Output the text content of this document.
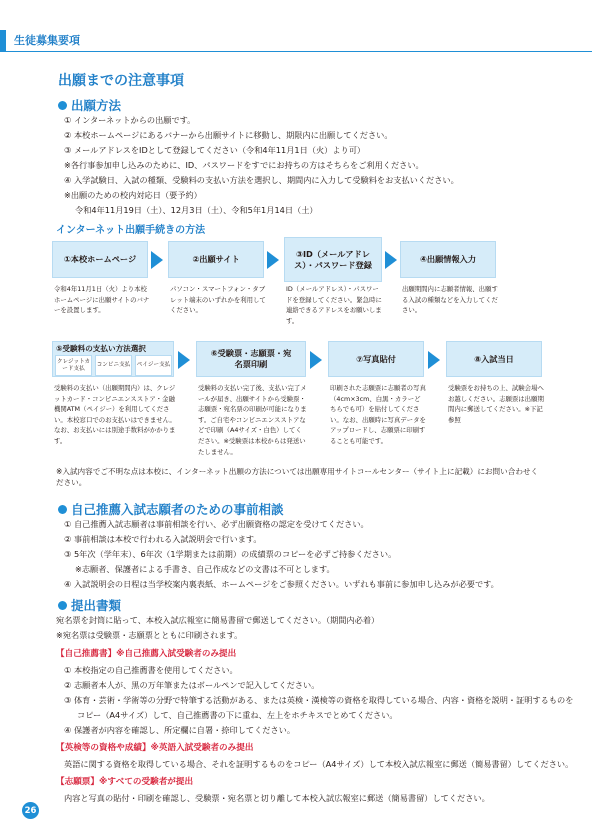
生徒募集要項
出願までの注意事項
出願方法
① インターネットからの出願です。
② 本校ホームページにあるバナーから出願サイトに移動し、期限内に出願してください。
③ メールアドレスをIDとして登録してください（令和4年11月1日（火）より可）
※各行事参加申し込みのために、ID、パスワードをすでにお持ちの方はそちらをご利用ください。
④ 入学試験日、入試の種類、受験料の支払い方法を選択し、期間内に入力して受験料をお支払いください。
※出願のための校内対応日（要予約）
令和4年11月19日（土）、12月3日（土）、令和5年1月14日（土）
インターネット出願手続きの方法
①本校ホームページ	②出願サイト
③ID（メールアドレス）・パスワード登録
④出願情報入力
令和4年11月1日（火）より本校ホームページに出願サイトのバナーを設置します。
パソコン・スマートフォン・タブレット端末のいずれかを利用してください。
ID（メールアドレス）・パスワードを登録してください。緊急時に連絡できるアドレスをお願いします。
出願期間内に志願者情報、出願する入試の種類などを入力してください。
⑤受験料の支払い方法選択
クレジットカード支払
コンビニ支払	ペイジー支払
⑥受験票・志願票・宛名票印刷
⑦写真貼付	⑧入試当日
受験料の支払い（出願期間内）は、クレジットカード・コンビニエンスストア・金融機関ATM（ペイジー）を利用してください。本校窓口でのお支払いはできません。なお、お支払いには別途手数料がかかります。
受験料の支払い完了後、支払い完了メールが届き、出願サイトから受験票・志願票・宛名票の印刷が可能になります。ご自宅やコンビニエンスストアなどで印刷（A4サイズ・白色）してください。※受験票は本校からは発送いたしません。
印刷された志願票に志願者の写真（4cm×3cm、白黒・カラーどちらでも可）を貼付してください。なお、出願時に写真データをアップロードし、志願票に印刷することも可能です。
受験票をお持ちの上、試験会場へお越しください。志願票は出願期間内に郵送してください。※下記参照
※入試内容でご不明な点は本校に、インターネット出願の方法については出願専用サイトコールセンター（サイト上に記載）にお問い合わせください。
自己推薦入試志願者のための事前相談
① 自己推薦入試志願者は事前相談を行い、必ず出願資格の認定を受けてください。
② 事前相談は本校で行われる入試説明会で行います。
③ 5年次（学年末）、6年次（1学期または前期）の成績票のコピーを必ずご持参ください。
※志願者、保護者による手書き、自己作成などの文書は不可とします。
④ 入試説明会の日程は当学校案内裏表紙、ホームページをご参照ください。いずれも事前に参加申し込みが必要です。
提出書類
宛名票を封筒に貼って、本校入試広報室に簡易書留で郵送してください。（期間内必着）
※宛名票は受験票・志願票とともに印刷されます。
【自己推薦書】※自己推薦入試受験者のみ提出
① 本校指定の自己推薦書を使用してください。
② 志願者本人が、黒の万年筆またはボールペンで記入してください。
③ 体育・芸術・学術等の分野で特筆する活動がある、または英検・漢検等の資格を取得している場合、内容・資格を説明・証明するものを
コピー（A4サイズ）して、自己推薦書の下に重ね、左上をホチキスでとめてください。
④ 保護者が内容を確認し、所定欄に自署・捺印してください。
【英検等の資格や成績】※英語入試受験者のみ提出
英語に関する資格を取得している場合、それを証明するものをコピー（A4サイズ）して本校入試広報室に郵送（簡易書留）してください。
【志願票】※すべての受験者が提出
内容と写真の貼付・印刷を確認し、受験票・宛名票と切り離して本校入試広報室に郵送（簡易書留）してください。
26
